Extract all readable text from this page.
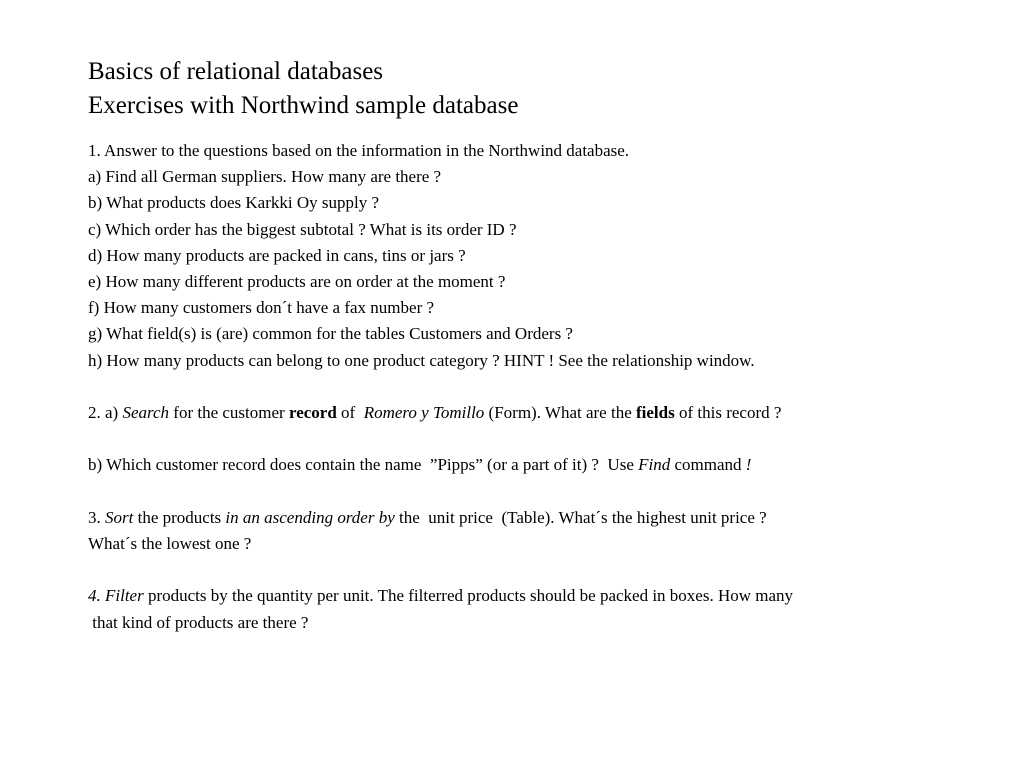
Basics of relational databases
Exercises with Northwind sample database
1. Answer to the questions based on the information in the Northwind database.
a) Find all German suppliers. How many are there ?
b) What products does Karkki Oy supply ?
c) Which order has the biggest subtotal ? What is its order ID ?
d) How many products are packed in cans, tins or jars ?
e) How many different products are on order at the moment ?
f) How many customers don´t have a fax number ?
g) What field(s) is (are) common for the tables Customers and Orders ?
h) How many products can belong to one product category ? HINT ! See the relationship window.
2. a) Search for the customer record of  Romero y Tomillo (Form). What are the fields of this record ?
b) Which customer record does contain the name  ”Pipps” (or a part of it) ?  Use Find command !
3. Sort the products in an ascending order by the  unit price  (Table). What´s the highest unit price ?
What´s the lowest one ?
4. Filter products by the quantity per unit. The filterred products should be packed in boxes. How many
that kind of products are there ?
